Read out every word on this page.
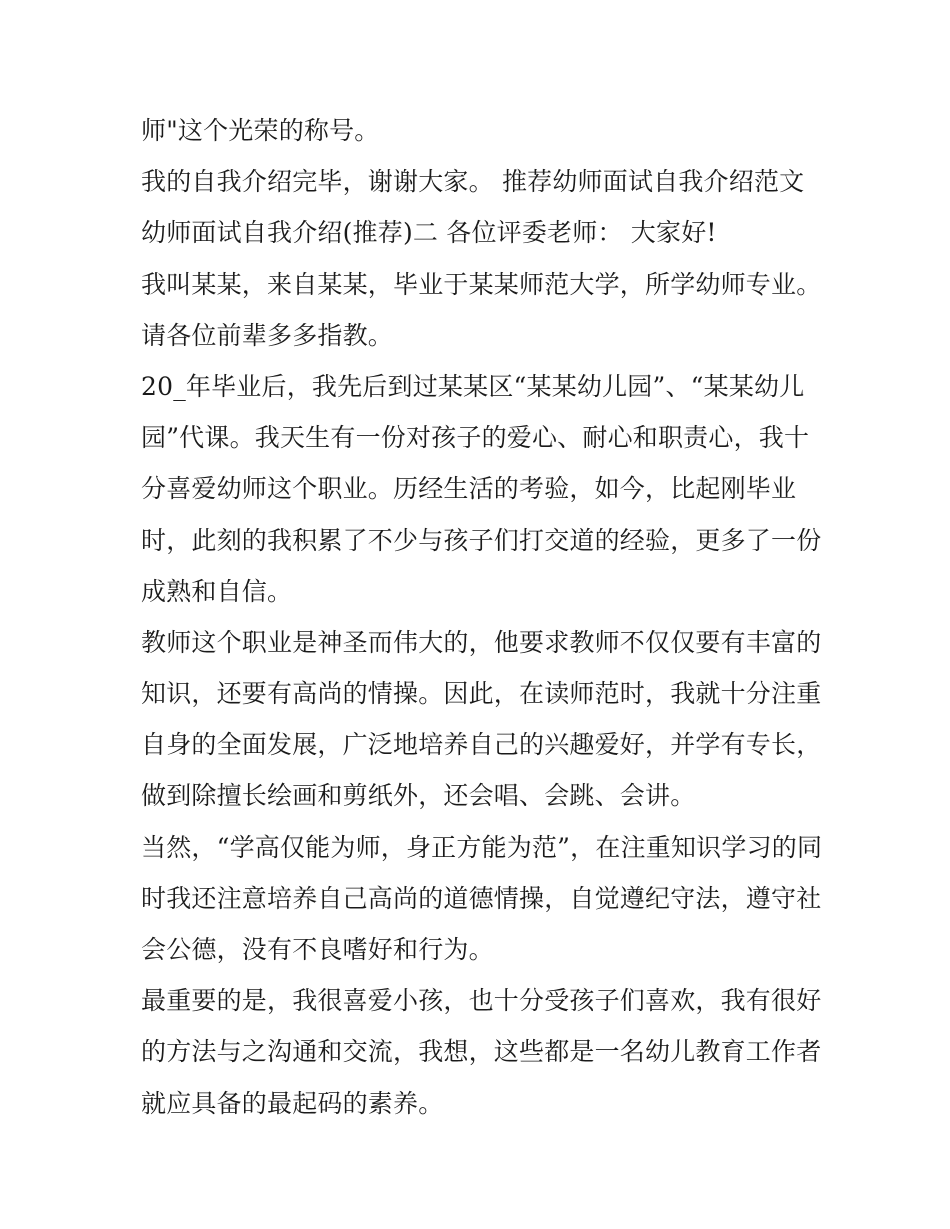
师"这个光荣的称号。
我的自我介绍完毕，谢谢大家。 推荐幼师面试自我介绍范文
幼师面试自我介绍(推荐)二 各位评委老师： 大家好!
我叫某某，来自某某，毕业于某某师范大学，所学幼师专业。
请各位前辈多多指教。
20_年毕业后，我先后到过某某区“某某幼儿园”、“某某幼儿
园”代课。我天生有一份对孩子的爱心、耐心和职责心，我十
分喜爱幼师这个职业。历经生活的考验，如今，比起刚毕业
时，此刻的我积累了不少与孩子们打交道的经验，更多了一份
成熟和自信。
教师这个职业是神圣而伟大的，他要求教师不仅仅要有丰富的
知识，还要有高尚的情操。因此，在读师范时，我就十分注重
自身的全面发展，广泛地培养自己的兴趣爱好，并学有专长，
做到除擅长绘画和剪纸外，还会唱、会跳、会讲。
当然，“学高仅能为师，身正方能为范”，在注重知识学习的同
时我还注意培养自己高尚的道德情操，自觉遵纪守法，遵守社
会公德，没有不良嗜好和行为。
最重要的是，我很喜爱小孩，也十分受孩子们喜欢，我有很好
的方法与之沟通和交流，我想，这些都是一名幼儿教育工作者
就应具备的最起码的素养。
